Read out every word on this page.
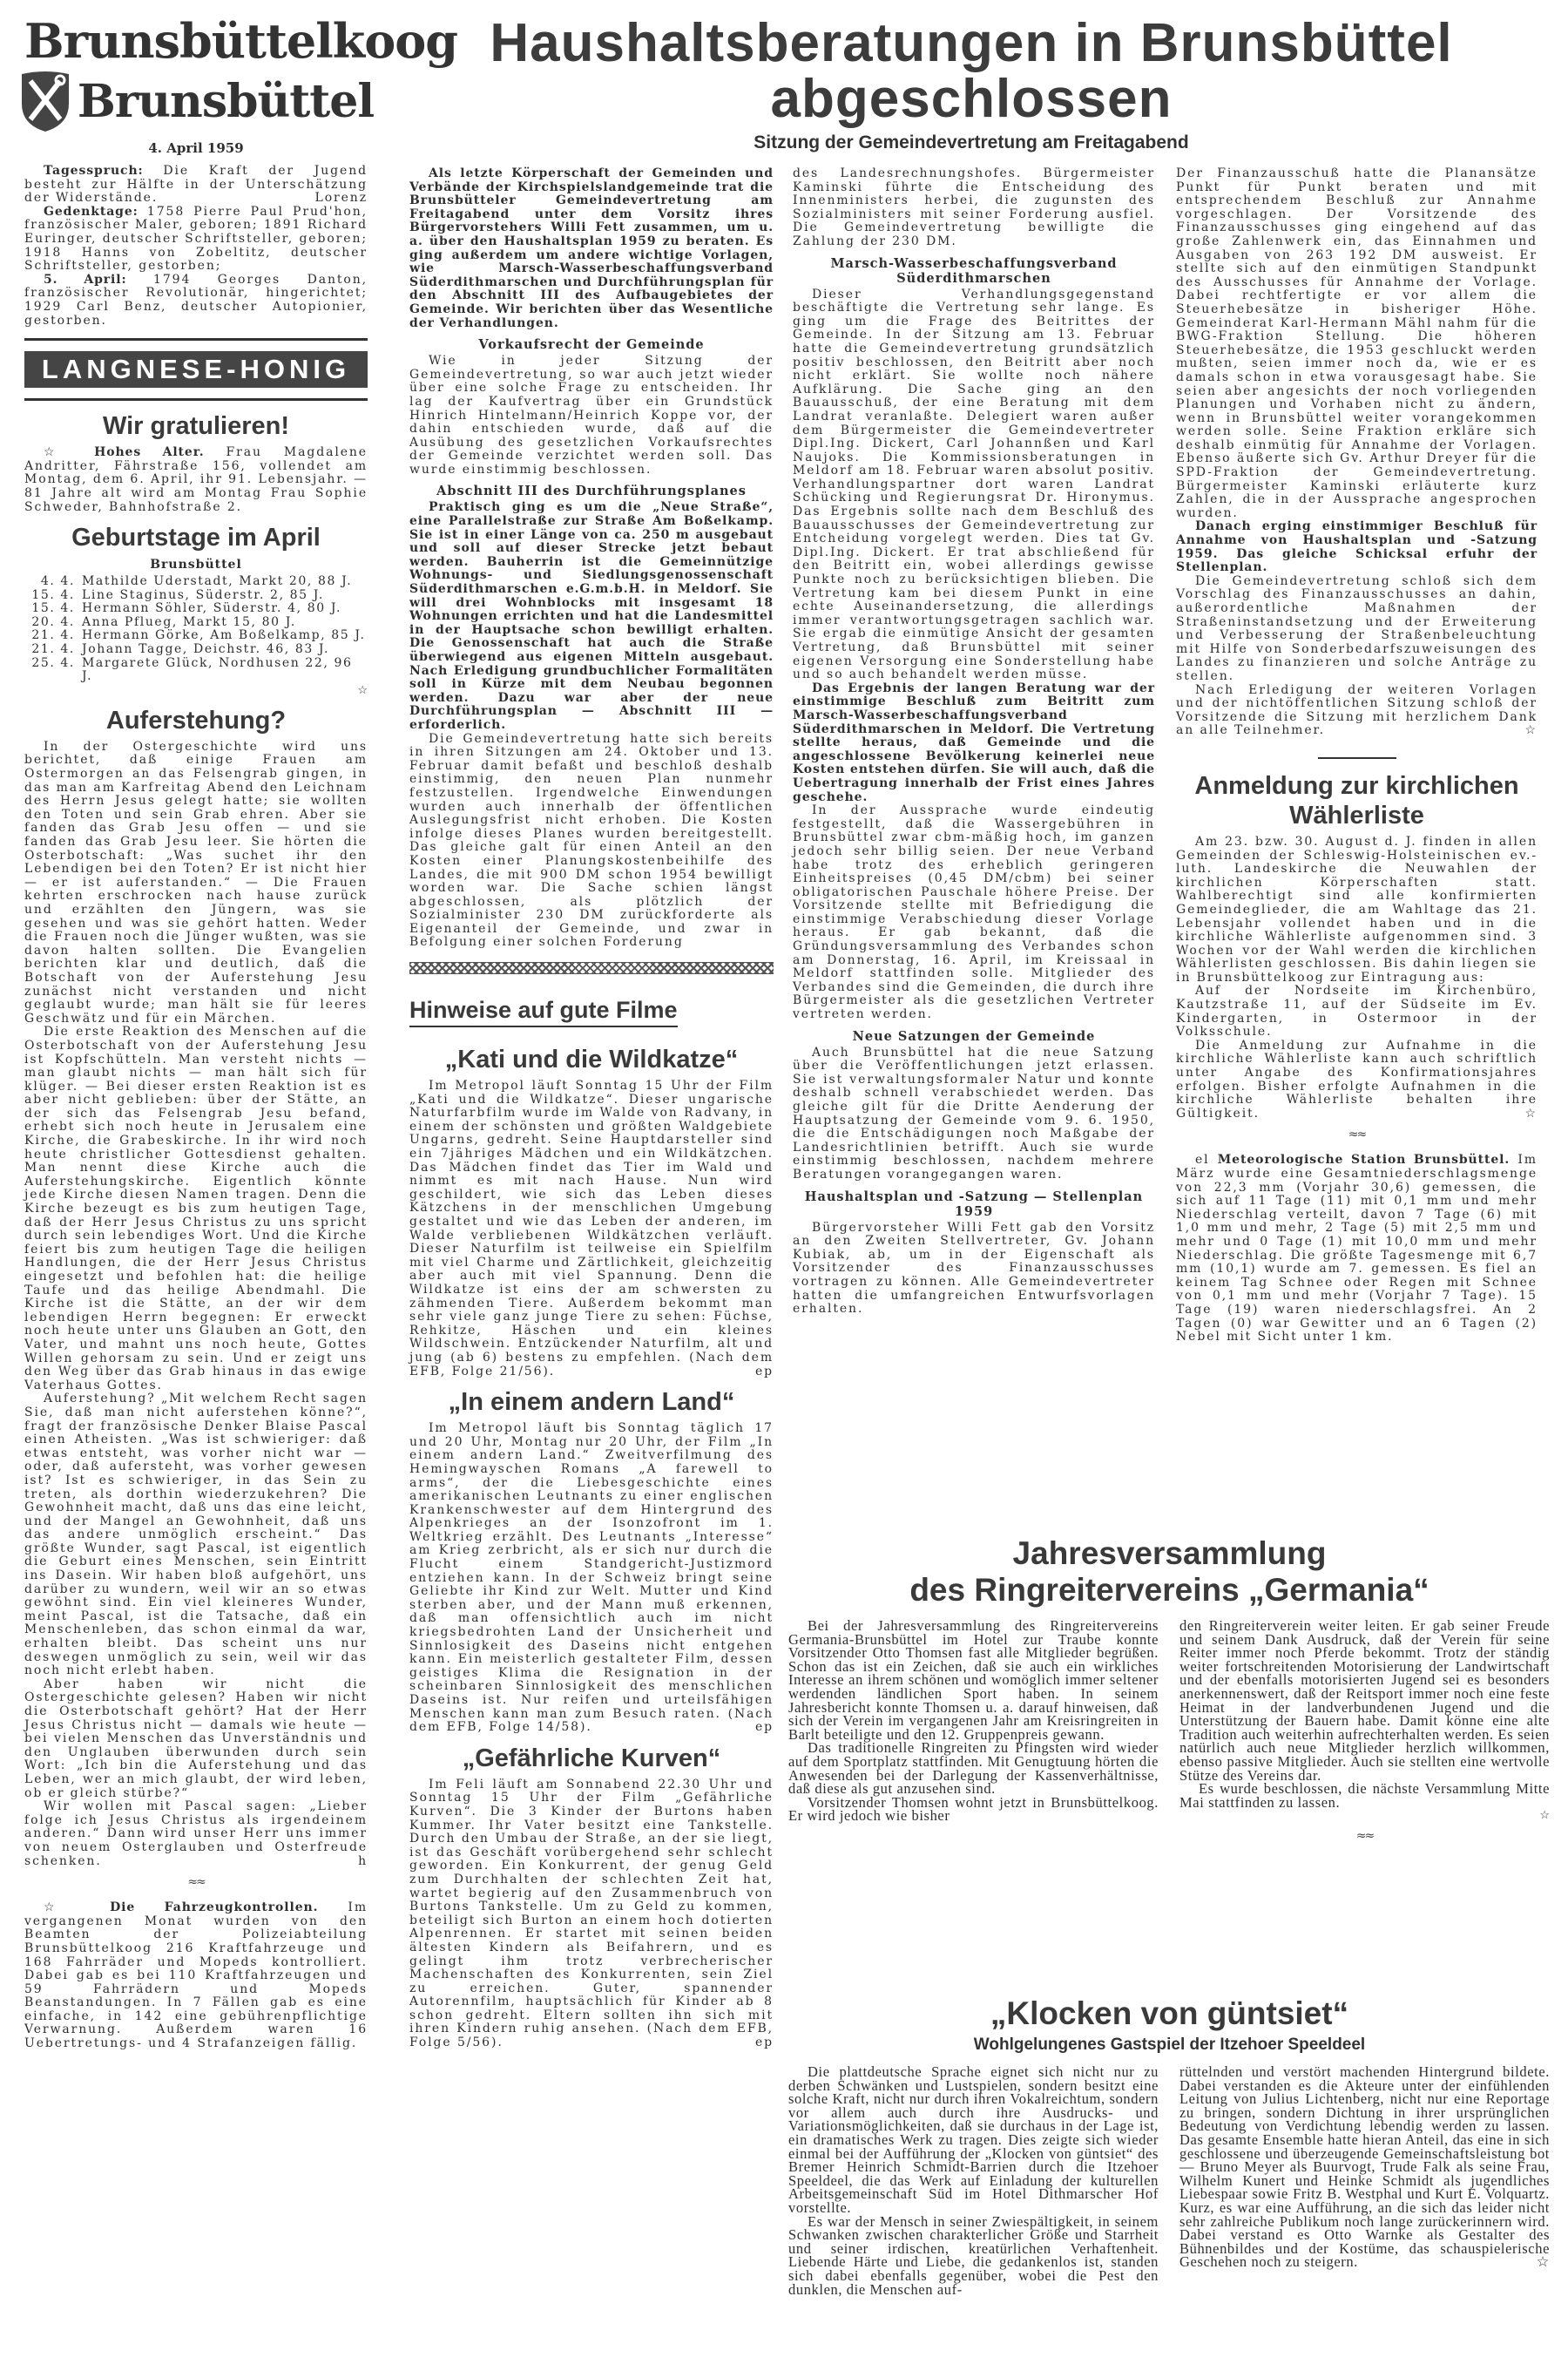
Brunsbüttelkoog
Brunsbüttel
4. April 1959

Tagesspruch: Die Kraft der Jugend besteht zur Hälfte in der Unterschätzung der Widerstände.	Lorenz

Gedenktage: 1758 Pierre Paul Prud'hon, französischer Maler, geboren; 1891 Richard Euringer, deutscher Schriftsteller, geboren; 1918 Hanns von Zobeltitz, deutscher Schriftsteller, gestorben;

5. April: 1794 Georges Danton, französischer Revolutionär, hingerichtet; 1929 Carl Benz, deutscher Autopionier, gestorben.

LANGNESE-HONIG
Wir gratulieren!

☆ Hohes Alter. Frau Magdalene Andritter, Fährstraße 156, vollendet am Montag, dem 6. April, ihr 91. Lebensjahr. — 81 Jahre alt wird am Montag Frau Sophie Schweder, Bahnhofstraße 2.

Geburtstage im April
Brunsbüttel
4. 4. Mathilde Uderstadt, Markt 20, 88 J.
15. 4. Line Staginus, Süderstr. 2, 85 J.
15. 4. Hermann Söhler, Süderstr. 4, 80 J.
20. 4. Anna Pflueg, Markt 15, 80 J.
21. 4. Hermann Görke, Am Boßelkamp, 85 J.
21. 4. Johann Tagge, Deichstr. 46, 83 J.
25. 4. Margarete Glück, Nordhusen 22, 96 J.
☆
Auferstehung?

In der Ostergeschichte wird uns berichtet, daß einige Frauen am Ostermorgen an das Felsengrab gingen, in das man am Karfreitag Abend den Leichnam des Herrn Jesus gelegt hatte; sie wollten den Toten und sein Grab ehren. Aber sie fanden das Grab Jesu offen — und sie fanden das Grab Jesu leer. Sie hörten die Osterbotschaft: „Was suchet ihr den Lebendigen bei den Toten? Er ist nicht hier — er ist auferstanden.“ — Die Frauen kehrten erschrocken nach hause zurück und erzählten den Jüngern, was sie gesehen und was sie gehört hatten. Weder die Frauen noch die Jünger wußten, was sie davon halten sollten. Die Evangelien berichten klar und deutlich, daß die Botschaft von der Auferstehung Jesu zunächst nicht verstanden und nicht geglaubt wurde; man hält sie für leeres Geschwätz und für ein Märchen.

Die erste Reaktion des Menschen auf die Osterbotschaft von der Auferstehung Jesu ist Kopfschütteln. Man versteht nichts — man glaubt nichts — man hält sich für klüger. — Bei dieser ersten Reaktion ist es aber nicht geblieben: über der Stätte, an der sich das Felsengrab Jesu befand, erhebt sich noch heute in Jerusalem eine Kirche, die Grabeskirche. In ihr wird noch heute christlicher Gottesdienst gehalten. Man nennt diese Kirche auch die Auferstehungskirche. Eigentlich könnte jede Kirche diesen Namen tragen. Denn die Kirche bezeugt es bis zum heutigen Tage, daß der Herr Jesus Christus zu uns spricht durch sein lebendiges Wort. Und die Kirche feiert bis zum heutigen Tage die heiligen Handlungen, die der Herr Jesus Christus eingesetzt und befohlen hat: die heilige Taufe und das heilige Abendmahl. Die Kirche ist die Stätte, an der wir dem lebendigen Herrn begegnen: Er erweckt noch heute unter uns Glauben an Gott, den Vater, und mahnt uns noch heute, Gottes Willen gehorsam zu sein. Und er zeigt uns den Weg über das Grab hinaus in das ewige Vaterhaus Gottes.

Auferstehung? „Mit welchem Recht sagen Sie, daß man nicht auferstehen könne?“, fragt der französische Denker Blaise Pascal einen Atheisten. „Was ist schwieriger: daß etwas entsteht, was vorher nicht war — oder, daß aufersteht, was vorher gewesen ist? Ist es schwieriger, in das Sein zu treten, als dorthin wiederzukehren? Die Gewohnheit macht, daß uns das eine leicht, und der Mangel an Gewohnheit, daß uns das andere unmöglich erscheint.“ Das größte Wunder, sagt Pascal, ist eigentlich die Geburt eines Menschen, sein Eintritt ins Dasein. Wir haben bloß aufgehört, uns darüber zu wundern, weil wir an so etwas gewöhnt sind. Ein viel kleineres Wunder, meint Pascal, ist die Tatsache, daß ein Menschenleben, das schon einmal da war, erhalten bleibt. Das scheint uns nur deswegen unmöglich zu sein, weil wir das noch nicht erlebt haben.

Aber haben wir nicht die Ostergeschichte gelesen? Haben wir nicht die Osterbotschaft gehört? Hat der Herr Jesus Christus nicht — damals wie heute — bei vielen Menschen das Unverständnis und den Unglauben überwunden durch sein Wort: „Ich bin die Auferstehung und das Leben, wer an mich glaubt, der wird leben, ob er gleich stürbe?“

Wir wollen mit Pascal sagen: „Lieber folge ich Jesus Christus als irgendeinem anderen.“ Dann wird unser Herr uns immer von neuem Osterglauben und Osterfreude schenken.	h

≈≈

☆ Die Fahrzeugkontrollen. Im vergangenen Monat wurden von den Beamten der Polizeiabteilung Brunsbüttelkoog 216 Kraftfahrzeuge und 168 Fahrräder und Mopeds kontrolliert. Dabei gab es bei 110 Kraftfahrzeugen und 59 Fahrrädern und Mopeds Beanstandungen. In 7 Fällen gab es eine einfache, in 142 eine gebührenpflichtige Verwarnung. Außerdem waren 16 Uebertretungs- und 4 Strafanzeigen fällig.

Haushaltsberatungen in Brunsbüttel
abgeschlossen
Sitzung der Gemeindevertretung am Freitagabend

Als letzte Körperschaft der Gemeinden und Verbände der Kirchspielslandgemeinde trat die Brunsbütteler Gemeindevertretung am Freitagabend unter dem Vorsitz ihres Bürgervorstehers Willi Fett zusammen, um u. a. über den Haushaltsplan 1959 zu beraten. Es ging außerdem um andere wichtige Vorlagen, wie Marsch-Wasserbeschaffungsverband Süderdithmarschen und Durchführungsplan für den Abschnitt III des Aufbaugebietes der Gemeinde. Wir berichten über das Wesentliche der Verhandlungen.

Vorkaufsrecht der Gemeinde

Wie in jeder Sitzung der Gemeindevertretung, so war auch jetzt wieder über eine solche Frage zu entscheiden. Ihr lag der Kaufvertrag über ein Grundstück Hinrich Hintelmann/Heinrich Koppe vor, der dahin entschieden wurde, daß auf die Ausübung des gesetzlichen Vorkaufsrechtes der Gemeinde verzichtet werden soll. Das wurde einstimmig beschlossen.

Abschnitt III des Durchführungsplanes

Praktisch ging es um die „Neue Straße“, eine Parallelstraße zur Straße Am Boßelkamp. Sie ist in einer Länge von ca. 250 m ausgebaut und soll auf dieser Strecke jetzt bebaut werden. Bauherrin ist die Gemeinnützige Wohnungs- und Siedlungsgenossenschaft Süderdithmarschen e.G.m.b.H. in Meldorf. Sie will drei Wohnblocks mit insgesamt 18 Wohnungen errichten und hat die Landesmittel in der Hauptsache schon bewilligt erhalten. Die Genossenschaft hat auch die Straße überwiegend aus eigenen Mitteln ausgebaut. Nach Erledigung grundbuchlicher Formalitäten soll in Kürze mit dem Neubau begonnen werden. Dazu war aber der neue Durchführungsplan — Abschnitt III — erforderlich.

Die Gemeindevertretung hatte sich bereits in ihren Sitzungen am 24. Oktober und 13. Februar damit befaßt und beschloß deshalb einstimmig, den neuen Plan nunmehr festzustellen. Irgendwelche Einwendungen wurden auch innerhalb der öffentlichen Auslegungsfrist nicht erhoben. Die Kosten infolge dieses Planes wurden bereitgestellt. Das gleiche galt für einen Anteil an den Kosten einer Planungskostenbeihilfe des Landes, die mit 900 DM schon 1954 bewilligt worden war. Die Sache schien längst abgeschlossen, als plötzlich der Sozialminister 230 DM zurückforderte als Eigenanteil der Gemeinde, und zwar in Befolgung einer solchen Forderung

Hinweise auf gute Filme
„Kati und die Wildkatze“

Im Metropol läuft Sonntag 15 Uhr der Film „Kati und die Wildkatze“. Dieser ungarische Naturfarbfilm wurde im Walde von Radvany, in einem der schönsten und größten Waldgebiete Ungarns, gedreht. Seine Hauptdarsteller sind ein 7jähriges Mädchen und ein Wildkätzchen. Das Mädchen findet das Tier im Wald und nimmt es mit nach Hause. Nun wird geschildert, wie sich das Leben dieses Kätzchens in der menschlichen Umgebung gestaltet und wie das Leben der anderen, im Walde verbliebenen Wildkätzchen verläuft. Dieser Naturfilm ist teilweise ein Spielfilm mit viel Charme und Zärtlichkeit, gleichzeitig aber auch mit viel Spannung. Denn die Wildkatze ist eins der am schwersten zu zähmenden Tiere. Außerdem bekommt man sehr viele ganz junge Tiere zu sehen: Füchse, Rehkitze, Häschen und ein kleines Wildschwein. Entzückender Naturfilm, alt und jung (ab 6) bestens zu empfehlen. (Nach dem EFB, Folge 21/56).	ep

„In einem andern Land“

Im Metropol läuft bis Sonntag täglich 17 und 20 Uhr, Montag nur 20 Uhr, der Film „In einem andern Land.“ Zweitverfilmung des Hemingwayschen Romans „A farewell to arms“, der die Liebesgeschichte eines amerikanischen Leutnants zu einer englischen Krankenschwester auf dem Hintergrund des Alpenkrieges an der Isonzofront im 1. Weltkrieg erzählt. Des Leutnants „Interesse“ am Krieg zerbricht, als er sich nur durch die Flucht einem Standgericht-Justizmord entziehen kann. In der Schweiz bringt seine Geliebte ihr Kind zur Welt. Mutter und Kind sterben aber, und der Mann muß erkennen, daß man offensichtlich auch im nicht kriegsbedrohten Land der Unsicherheit und Sinnlosigkeit des Daseins nicht entgehen kann. Ein meisterlich gestalteter Film, dessen geistiges Klima die Resignation in der scheinbaren Sinnlosigkeit des menschlichen Daseins ist. Nur reifen und urteilsfähigen Menschen kann man zum Besuch raten. (Nach dem EFB, Folge 14/58).	ep

„Gefährliche Kurven“

Im Feli läuft am Sonnabend 22.30 Uhr und Sonntag 15 Uhr der Film „Gefährliche Kurven“. Die 3 Kinder der Burtons haben Kummer. Ihr Vater besitzt eine Tankstelle. Durch den Umbau der Straße, an der sie liegt, ist das Geschäft vorübergehend sehr schlecht geworden. Ein Konkurrent, der genug Geld zum Durchhalten der schlechten Zeit hat, wartet begierig auf den Zusammenbruch von Burtons Tankstelle. Um zu Geld zu kommen, beteiligt sich Burton an einem hoch dotierten Alpenrennen. Er startet mit seinen beiden ältesten Kindern als Beifahrern, und es gelingt ihm trotz verbrecherischer Machenschaften des Konkurrenten, sein Ziel zu erreichen. Guter, spannender Autorennfilm, hauptsächlich für Kinder ab 8 schon gedreht. Eltern sollten ihn sich mit ihren Kindern ruhig ansehen. (Nach dem EFB, Folge 5/56).	ep

des Landesrechnungshofes. Bürgermeister Kaminski führte die Entscheidung des Innenministers herbei, die zugunsten des Sozialministers mit seiner Forderung ausfiel. Die Gemeindevertretung bewilligte die Zahlung der 230 DM.

Marsch-Wasserbeschaffungsverband Süderdithmarschen

Dieser Verhandlungsgegenstand beschäftigte die Vertretung sehr lange. Es ging um die Frage des Beitrittes der Gemeinde. In der Sitzung am 13. Februar hatte die Gemeindevertretung grundsätzlich positiv beschlossen, den Beitritt aber noch nicht erklärt. Sie wollte noch nähere Aufklärung. Die Sache ging an den Bauausschuß, der eine Beratung mit dem Landrat veranlaßte. Delegiert waren außer dem Bürgermeister die Gemeindevertreter Dipl.Ing. Dickert, Carl Johannßen und Karl Naujoks. Die Kommissionsberatungen in Meldorf am 18. Februar waren absolut positiv. Verhandlungspartner dort waren Landrat Schücking und Regierungsrat Dr. Hironymus. Das Ergebnis sollte nach dem Beschluß des Bauausschusses der Gemeindevertretung zur Entcheidung vorgelegt werden. Dies tat Gv. Dipl.Ing. Dickert. Er trat abschließend für den Beitritt ein, wobei allerdings gewisse Punkte noch zu berücksichtigen blieben. Die Vertretung kam bei diesem Punkt in eine echte Auseinandersetzung, die allerdings immer verantwortungsgetragen sachlich war. Sie ergab die einmütige Ansicht der gesamten Vertretung, daß Brunsbüttel mit seiner eigenen Versorgung eine Sonderstellung habe und so auch behandelt werden müsse.

Das Ergebnis der langen Beratung war der einstimmige Beschluß zum Beitritt zum Marsch-Wasserbeschaffungsverband Süderdithmarschen in Meldorf. Die Vertretung stellte heraus, daß Gemeinde und die angeschlossene Bevölkerung keinerlei neue Kosten entstehen dürfen. Sie will auch, daß die Uebertragung innerhalb der Frist eines Jahres geschehe.

In der Aussprache wurde eindeutig festgestellt, daß die Wassergebühren in Brunsbüttel zwar cbm-mäßig hoch, im ganzen jedoch sehr billig seien. Der neue Verband habe trotz des erheblich geringeren Einheitspreises (0,45 DM/cbm) bei seiner obligatorischen Pauschale höhere Preise. Der Vorsitzende stellte mit Befriedigung die einstimmige Verabschiedung dieser Vorlage heraus. Er gab bekannt, daß die Gründungsversammlung des Verbandes schon am Donnerstag, 16. April, im Kreissaal in Meldorf stattfinden solle. Mitglieder des Verbandes sind die Gemeinden, die durch ihre Bürgermeister als die gesetzlichen Vertreter vertreten werden.

Neue Satzungen der Gemeinde

Auch Brunsbüttel hat die neue Satzung über die Veröffentlichungen jetzt erlassen. Sie ist verwaltungsformaler Natur und konnte deshalb schnell verabschiedet werden. Das gleiche gilt für die Dritte Aenderung der Hauptsatzung der Gemeinde vom 9. 6. 1950, die die Entschädigungen noch Maßgabe der Landesrichtlinien betrifft. Auch sie wurde einstimmig beschlossen, nachdem mehrere Beratungen vorangegangen waren.

Haushaltsplan und -Satzung — Stellenplan 1959

Bürgervorsteher Willi Fett gab den Vorsitz an den Zweiten Stellvertreter, Gv. Johann Kubiak, ab, um in der Eigenschaft als Vorsitzender des Finanzausschusses vortragen zu können. Alle Gemeindevertreter hatten die umfangreichen Entwurfsvorlagen erhalten.

Der Finanzausschuß hatte die Planansätze Punkt für Punkt beraten und mit entsprechendem Beschluß zur Annahme vorgeschlagen. Der Vorsitzende des Finanzausschusses ging eingehend auf das große Zahlenwerk ein, das Einnahmen und Ausgaben von 263 192 DM ausweist. Er stellte sich auf den einmütigen Standpunkt des Ausschusses für Annahme der Vorlage. Dabei rechtfertigte er vor allem die Steuerhebesätze in bisheriger Höhe. Gemeinderat Karl-Hermann Mähl nahm für die BWG-Fraktion Stellung. Die höheren Steuerhebesätze, die 1953 geschluckt werden mußten, seien immer noch da, wie er es damals schon in etwa vorausgesagt habe. Sie seien aber angesichts der noch vorliegenden Planungen und Vorhaben nicht zu ändern, wenn in Brunsbüttel weiter vorangekommen werden solle. Seine Fraktion erkläre sich deshalb einmütig für Annahme der Vorlagen. Ebenso äußerte sich Gv. Arthur Dreyer für die SPD-Fraktion der Gemeindevertretung. Bürgermeister Kaminski erläuterte kurz Zahlen, die in der Aussprache angesprochen wurden.

Danach erging einstimmiger Beschluß für Annahme von Haushaltsplan und -Satzung 1959. Das gleiche Schicksal erfuhr der Stellenplan.

Die Gemeindevertretung schloß sich dem Vorschlag des Finanzausschusses an dahin, außerordentliche Maßnahmen der Straßeninstandsetzung und der Erweiterung und Verbesserung der Straßenbeleuchtung mit Hilfe von Sonderbedarfszuweisungen des Landes zu finanzieren und solche Anträge zu stellen.

Nach Erledigung der weiteren Vorlagen und der nichtöffentlichen Sitzung schloß der Vorsitzende die Sitzung mit herzlichem Dank an alle Teilnehmer.	☆

Anmeldung zur kirchlichen Wählerliste

Am 23. bzw. 30. August d. J. finden in allen Gemeinden der Schleswig-Holsteinischen ev.-luth. Landeskirche die Neuwahlen der kirchlichen Körperschaften statt. Wahlberechtigt sind alle konfirmierten Gemeindeglieder, die am Wahltage das 21. Lebensjahr vollendet haben und in die kirchliche Wählerliste aufgenommen sind. 3 Wochen vor der Wahl werden die kirchlichen Wählerlisten geschlossen. Bis dahin liegen sie in Brunsbüttelkoog zur Eintragung aus:

Auf der Nordseite im Kirchenbüro, Kautzstraße 11, auf der Südseite im Ev. Kindergarten, in Ostermoor in der Volksschule.

Die Anmeldung zur Aufnahme in die kirchliche Wählerliste kann auch schriftlich unter Angabe des Konfirmationsjahres erfolgen. Bisher erfolgte Aufnahmen in die kirchliche Wählerliste behalten ihre Gültigkeit.	☆

≈≈

el Meteorologische Station Brunsbüttel. Im März wurde eine Gesamtniederschlagsmenge von 22,3 mm (Vorjahr 30,6) gemessen, die sich auf 11 Tage (11) mit 0,1 mm und mehr Niederschlag verteilt, davon 7 Tage (6) mit 1,0 mm und mehr, 2 Tage (5) mit 2,5 mm und mehr und 0 Tage (1) mit 10,0 mm und mehr Niederschlag. Die größte Tagesmenge mit 6,7 mm (10,1) wurde am 7. gemessen. Es fiel an keinem Tag Schnee oder Regen mit Schnee von 0,1 mm und mehr (Vorjahr 7 Tage). 15 Tage (19) waren niederschlagsfrei. An 2 Tagen (0) war Gewitter und an 6 Tagen (2) Nebel mit Sicht unter 1 km.

Jahresversammlung
des Ringreitervereins „Germania“

Bei der Jahresversammlung des Ringreitervereins Germania-Brunsbüttel im Hotel zur Traube konnte Vorsitzender Otto Thomsen fast alle Mitglieder begrüßen. Schon das ist ein Zeichen, daß sie auch ein wirkliches Interesse an ihrem schönen und womöglich immer seltener werdenden ländlichen Sport haben. In seinem Jahresbericht konnte Thomsen u. a. darauf hinweisen, daß sich der Verein im vergangenen Jahr am Kreisringreiten in Barlt beteiligte und den 12. Gruppenpreis gewann.

Das traditionelle Ringreiten zu Pfingsten wird wieder auf dem Sportplatz stattfinden. Mit Genugtuung hörten die Anwesenden bei der Darlegung der Kassenverhältnisse, daß diese als gut anzusehen sind.

Vorsitzender Thomsen wohnt jetzt in Brunsbüttelkoog. Er wird jedoch wie bisher

den Ringreiterverein weiter leiten. Er gab seiner Freude und seinem Dank Ausdruck, daß der Verein für seine Reiter immer noch Pferde bekommt. Trotz der ständig weiter fortschreitenden Motorisierung der Landwirtschaft und der ebenfalls motorisierten Jugend sei es besonders anerkennenswert, daß der Reitsport immer noch eine feste Heimat in der landverbundenen Jugend und die Unterstützung der Bauern habe. Damit könne eine alte Tradition auch weiterhin aufrechterhalten werden. Es seien natürlich auch neue Mitglieder herzlich willkommen, ebenso passive Mitglieder. Auch sie stellten eine wertvolle Stütze des Vereins dar.

Es wurde beschlossen, die nächste Versammlung Mitte Mai stattfinden zu lassen.

☆
≈≈
„Klocken von güntsiet“
Wohlgelungenes Gastspiel der Itzehoer Speeldeel

Die plattdeutsche Sprache eignet sich nicht nur zu derben Schwänken und Lustspielen, sondern besitzt eine solche Kraft, nicht nur durch ihren Vokalreichtum, sondern vor allem auch durch ihre Ausdrucks- und Variationsmöglichkeiten, daß sie durchaus in der Lage ist, ein dramatisches Werk zu tragen. Dies zeigte sich wieder einmal bei der Aufführung der „Klocken von güntsiet“ des Bremer Heinrich Schmidt-Barrien durch die Itzehoer Speeldeel, die das Werk auf Einladung der kulturellen Arbeitsgemeinschaft Süd im Hotel Dithmarscher Hof vorstellte.

Es war der Mensch in seiner Zwiespältigkeit, in seinem Schwanken zwischen charakterlicher Größe und Starrheit und seiner irdischen, kreatürlichen Verhaftenheit. Liebende Härte und Liebe, die gedankenlos ist, standen sich dabei ebenfalls gegenüber, wobei die Pest den dunklen, die Menschen auf-

rüttelnden und verstört machenden Hintergrund bildete. Dabei verstanden es die Akteure unter der einfühlenden Leitung von Julius Lichtenberg, nicht nur eine Reportage zu bringen, sondern Dichtung in ihrer ursprünglichen Bedeutung von Verdichtung lebendig werden zu lassen. Das gesamte Ensemble hatte hieran Anteil, das eine in sich geschlossene und überzeugende Gemeinschaftsleistung bot — Bruno Meyer als Buurvogt, Trude Falk als seine Frau, Wilhelm Kunert und Heinke Schmidt als jugendliches Liebespaar sowie Fritz B. Westphal und Kurt E. Volquartz. Kurz, es war eine Aufführung, an die sich das leider nicht sehr zahlreiche Publikum noch lange zurückerinnern wird. Dabei verstand es Otto Warnke als Gestalter des Bühnenbildes und der Kostüme, das schauspielerische Geschehen noch zu steigern.	☆
